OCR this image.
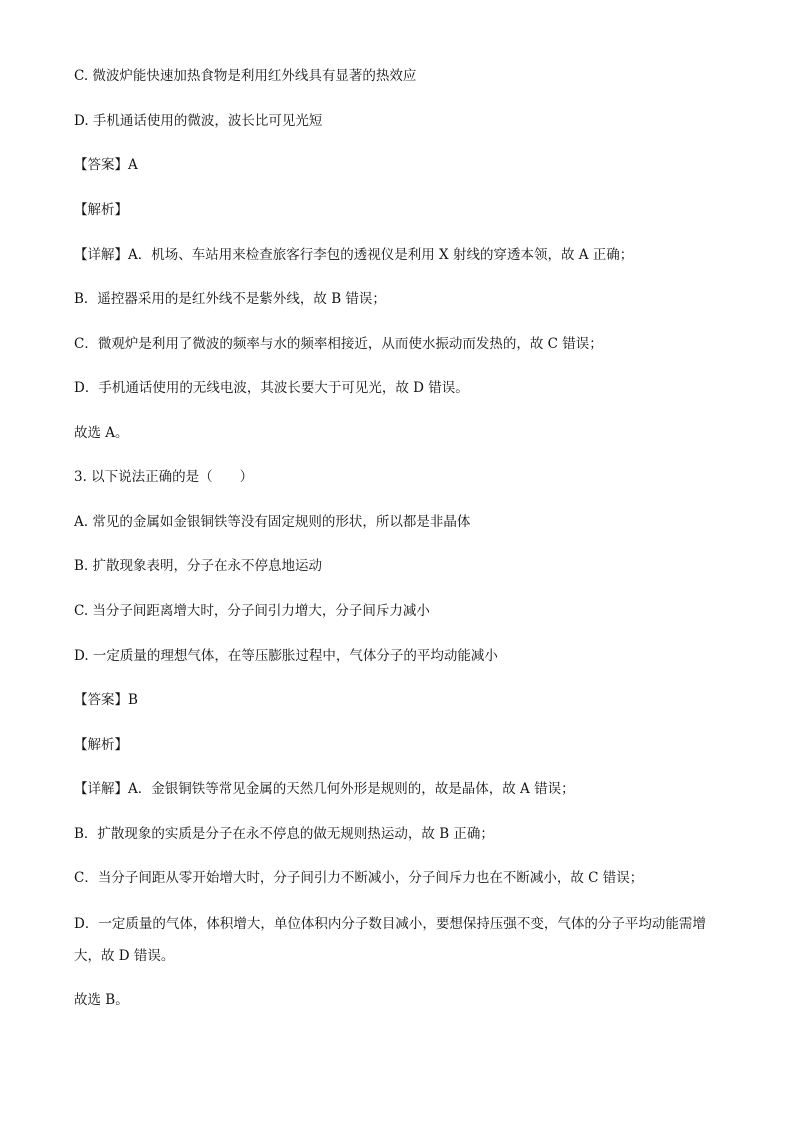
C. 微波炉能快速加热食物是利用红外线具有显著的热效应
D. 手机通话使用的微波，波长比可见光短
【答案】A
【解析】
【详解】A．机场、车站用来检查旅客行李包的透视仪是利用 X 射线的穿透本领，故 A 正确；
B．遥控器采用的是红外线不是紫外线，故 B 错误；
C．微观炉是利用了微波的频率与水的频率相接近，从而使水振动而发热的，故 C 错误；
D．手机通话使用的无线电波，其波长要大于可见光，故 D 错误。
故选 A。
3. 以下说法正确的是（　　）
A. 常见的金属如金银铜铁等没有固定规则的形状，所以都是非晶体
B. 扩散现象表明，分子在永不停息地运动
C. 当分子间距离增大时，分子间引力增大，分子间斥力减小
D. 一定质量的理想气体，在等压膨胀过程中，气体分子的平均动能减小
【答案】B
【解析】
【详解】A．金银铜铁等常见金属的天然几何外形是规则的，故是晶体，故 A 错误；
B．扩散现象的实质是分子在永不停息的做无规则热运动，故 B 正确；
C．当分子间距从零开始增大时，分子间引力不断减小，分子间斥力也在不断减小，故 C 错误；
D．一定质量的气体，体积增大，单位体积内分子数目减小，要想保持压强不变，气体的分子平均动能需增大，故 D 错误。
故选 B。
